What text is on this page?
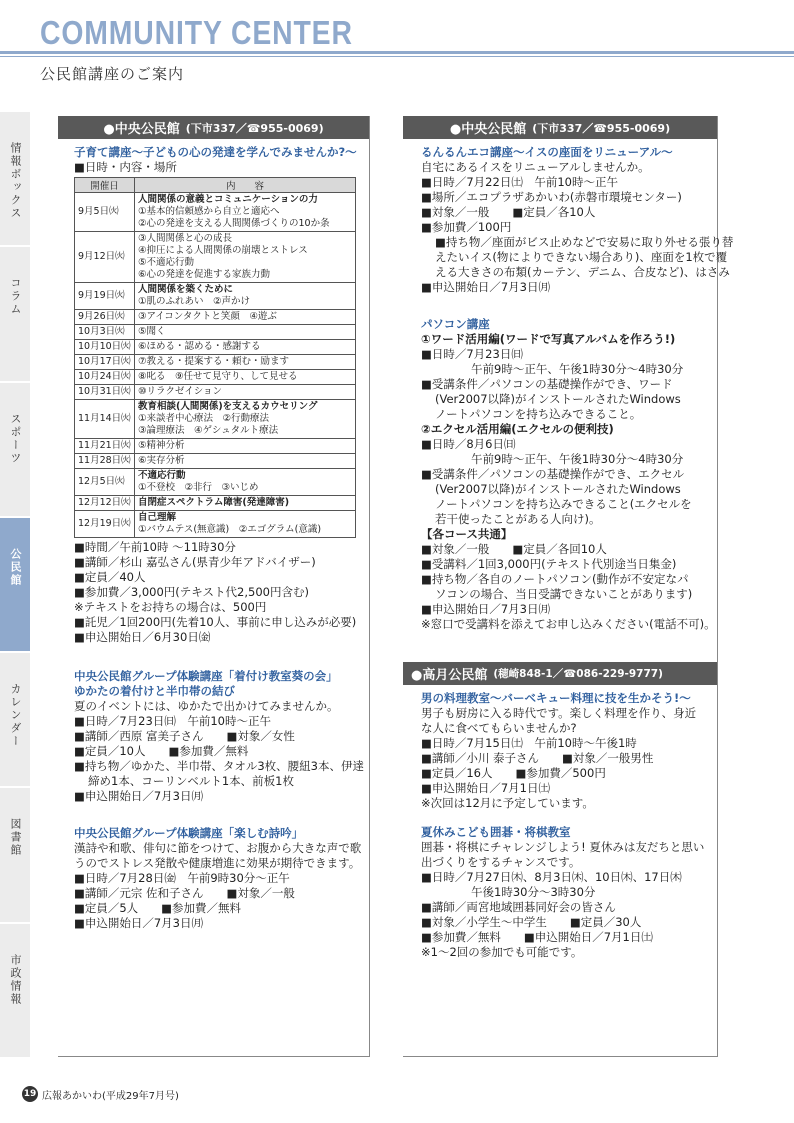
COMMUNITY CENTER
公民館講座のご案内
情報ボックス
コラム
スポーツ
公民館
カレンダー
図書館
市政情報
●中央公民館 (下市337／☎955-0069)
子育て講座～子どもの心の発達を学んでみませんか?～
■日時・内容・場所
開催日	内　　容
9月5日㈫	人間関係の意義とコミュニケーションの力
①基本的信頼感から自立と適応へ
②心の発達を支える人間関係づくりの10か条

9月12日㈫	③人間関係と心の成長
④抑圧による人間関係の崩壊とストレス
⑤不適応行動
⑥心の発達を促進する家族力動

9月19日㈫	人間関係を築くために
①肌のふれあい　②声かけ

9月26日㈫	③アイコンタクトと笑顔　④遊ぶ

10月3日㈫	⑤聞く

10月10日㈫	⑥ほめる・認める・感謝する

10月17日㈫	⑦教える・提案する・頼む・励ます

10月24日㈫	⑧叱る　⑨任せて見守り、して見せる

10月31日㈫	⑩リラクゼイション

11月14日㈫	教育相談(人間関係)を支えるカウセリング
①来談者中心療法　②行動療法
③論理療法　④ゲシュタルト療法

11月21日㈫	⑤精神分析

11月28日㈫	⑥実存分析

12月5日㈫	不適応行動
①不登校　②非行　③いじめ

12月12日㈫	自閉症スペクトラム障害(発達障害)

12月19日㈫	自己理解
①バウムテス(無意識)　②エゴグラム(意識)
■時間／午前10時 ～11時30分
■講師／杉山 嘉弘さん(県青少年アドバイザー)
■定員／40人
■参加費／3,000円(テキスト代2,500円含む)
※テキストをお持ちの場合は、500円
■託児／1回200円(先着10人、事前に申し込みが必要)
■申込開始日／6月30日㈮
中央公民館グループ体験講座「着付け教室葵の会」
ゆかたの着付けと半巾帯の結び
夏のイベントには、ゆかたで出かけてみませんか。
■日時／7月23日㈰　午前10時～正午
■講師／西原 富美子さん　　■対象／女性
■定員／10人　　■参加費／無料
■持ち物／ゆかた、半巾帯、タオル3枚、腰紐3本、伊達
締め1本、コーリンベルト1本、前板1枚
■申込開始日／7月3日㈪
中央公民館グループ体験講座「楽しむ詩吟」
漢詩や和歌、俳句に節をつけて、お腹から大きな声で歌
うのでストレス発散や健康増進に効果が期待できます。
■日時／7月28日㈮　午前9時30分～正午
■講師／元宗 佐和子さん　　■対象／一般
■定員／5人　　■参加費／無料
■申込開始日／7月3日㈪
●中央公民館 (下市337／☎955-0069)
るんるんエコ講座～イスの座面をリニューアル～
自宅にあるイスをリニューアルしませんか。
■日時／7月22日㈯　午前10時～正午
■場所／エコプラザあかいわ(赤磐市環境センター)
■対象／一般　　■定員／各10人
■参加費／100円
■持ち物／座面がビス止めなどで安易に取り外せる張り替
えたいイス(物によりできない場合あり)、座面を1枚で覆
える大きさの布類(カーテン、デニム、合皮など)、はさみ
■申込開始日／7月3日㈪
パソコン講座
①ワード活用編(ワードで写真アルバムを作ろう!)
■日時／7月23日㈰
午前9時～正午、午後1時30分～4時30分
■受講条件／パソコンの基礎操作ができ、ワード
(Ver2007以降)がインストールされたWindows
ノートパソコンを持ち込みできること。
②エクセル活用編(エクセルの便利技)
■日時／8月6日㈰
午前9時～正午、午後1時30分～4時30分
■受講条件／パソコンの基礎操作ができ、エクセル
(Ver2007以降)がインストールされたWindows
ノートパソコンを持ち込みできること(エクセルを
若干使ったことがある人向け)。
【各コース共通】
■対象／一般　　■定員／各回10人
■受講料／1回3,000円(テキスト代別途当日集金)
■持ち物／各自のノートパソコン(動作が不安定なパ
ソコンの場合、当日受講できないことがあります)
■申込開始日／7月3日㈪
※窓口で受講料を添えてお申し込みください(電話不可)。
●高月公民館 (穂崎848-1／☎086-229-9777)
男の料理教室～バーベキュー料理に技を生かそう!～
男子も厨房に入る時代です。楽しく料理を作り、身近
な人に食べてもらいませんか?
■日時／7月15日㈯　午前10時～午後1時
■講師／小川 泰子さん　　■対象／一般男性
■定員／16人　　■参加費／500円
■申込開始日／7月1日㈯
※次回は12月に予定しています。
夏休みこども囲碁・将棋教室
囲碁・将棋にチャレンジしよう! 夏休みは友だちと思い
出づくりをするチャンスです。
■日時／7月27日㈭、8月3日㈭、10日㈭、17日㈭
午後1時30分～3時30分
■講師／両宮地域囲碁同好会の皆さん
■対象／小学生～中学生　　■定員／30人
■参加費／無料　　■申込開始日／7月1日㈯
※1～2回の参加でも可能です。
19 広報あかいわ(平成29年7月号)
